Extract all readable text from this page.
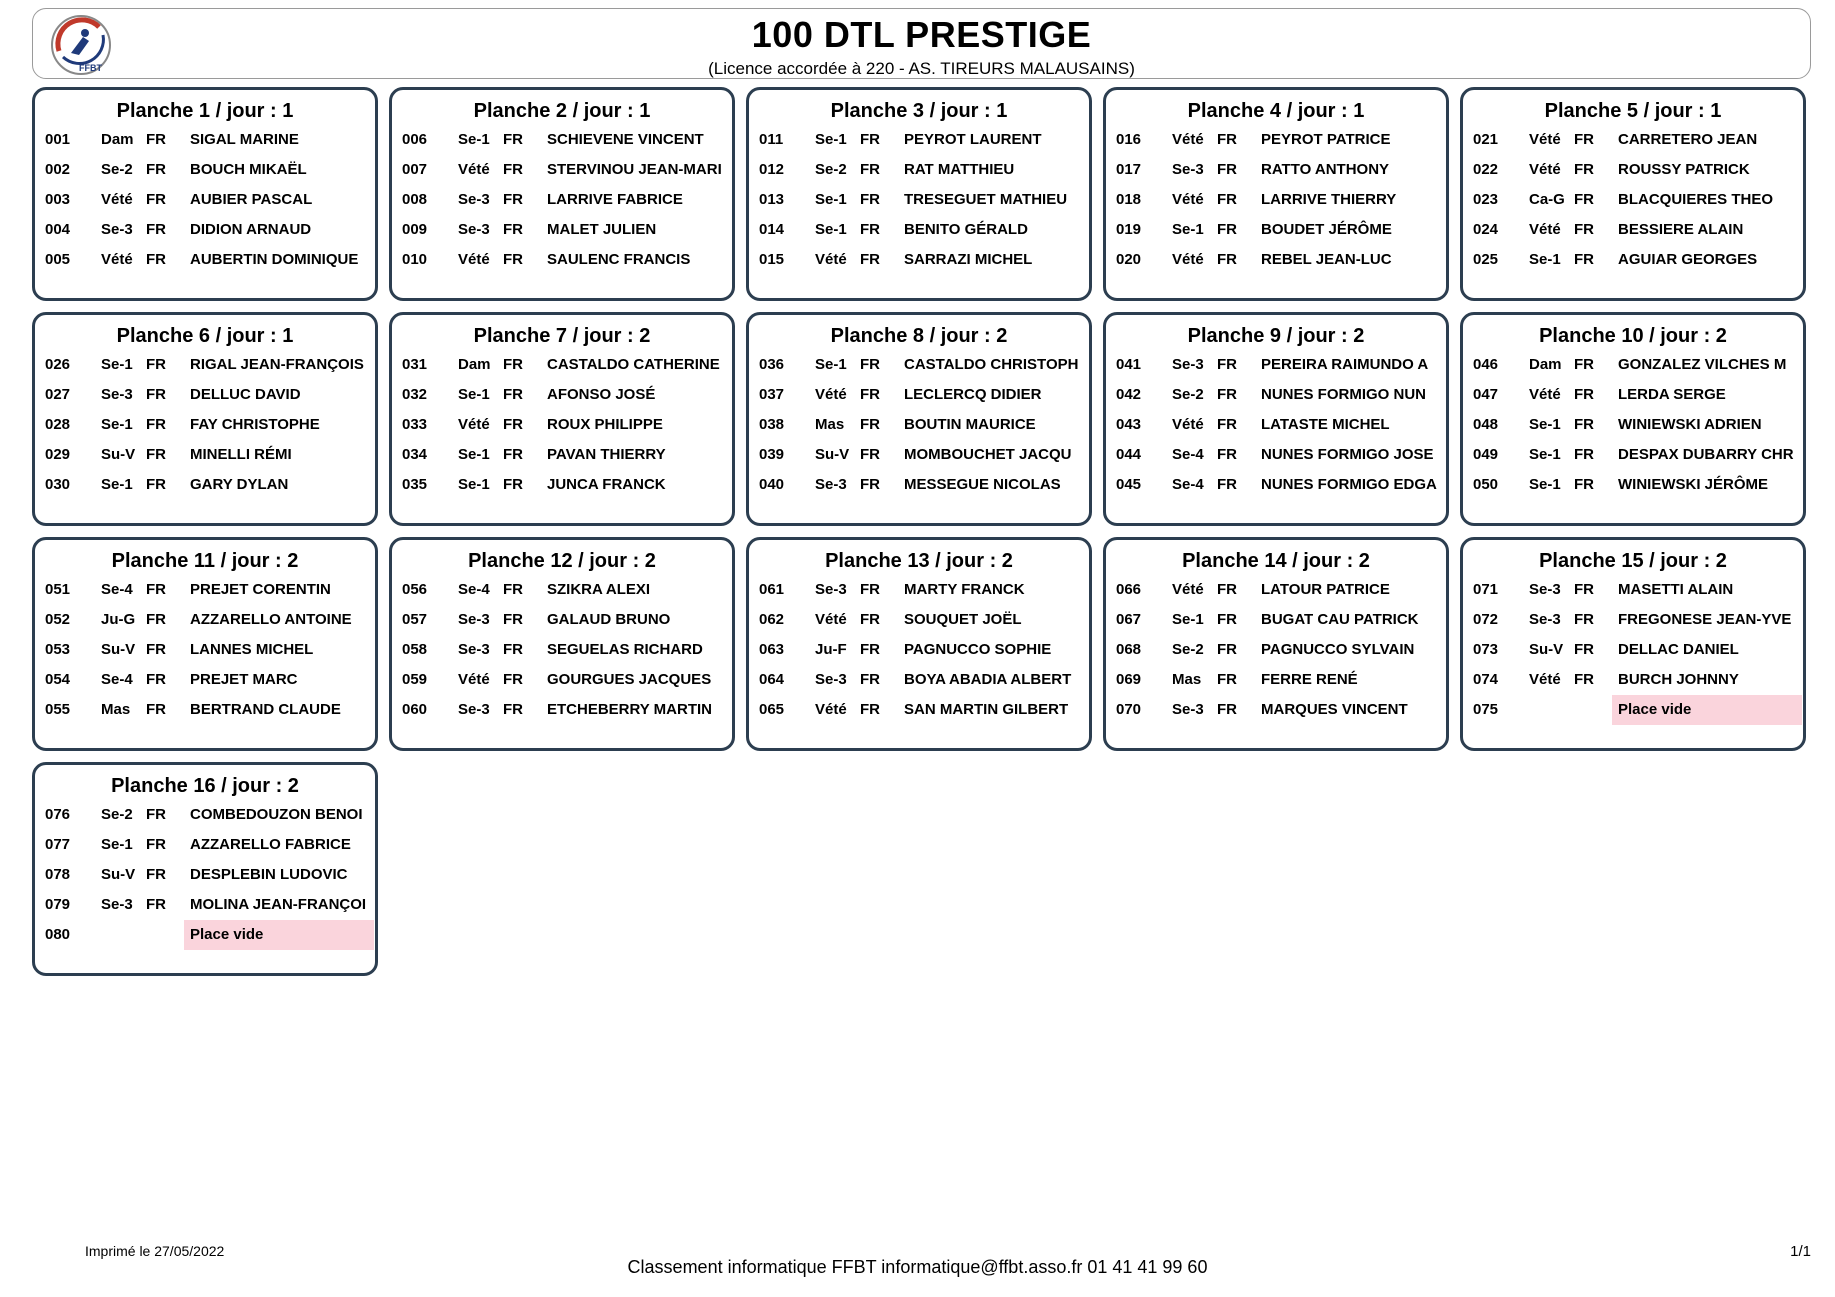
FFBT
100 DTL PRESTIGE
(Licence accordée à 220 - AS. TIREURS MALAUSAINS)
Planche 1 / jour : 1
001 Dam FR SIGAL MARINE
002 Se-2 FR BOUCH MIKAËL
003 Vété FR AUBIER PASCAL
004 Se-3 FR DIDION ARNAUD
005 Vété FR AUBERTIN DOMINIQUE
Planche 2 / jour : 1
006 Se-1 FR SCHIEVENE VINCENT
007 Vété FR STERVINOU JEAN-MARI
008 Se-3 FR LARRIVE FABRICE
009 Se-3 FR MALET JULIEN
010 Vété FR SAULENC FRANCIS
Planche 3 / jour : 1
011 Se-1 FR PEYROT LAURENT
012 Se-2 FR RAT MATTHIEU
013 Se-1 FR TRESEGUET MATHIEU
014 Se-1 FR BENITO GÉRALD
015 Vété FR SARRAZI MICHEL
Planche 4 / jour : 1
016 Vété FR PEYROT PATRICE
017 Se-3 FR RATTO ANTHONY
018 Vété FR LARRIVE THIERRY
019 Se-1 FR BOUDET JÉRÔME
020 Vété FR REBEL JEAN-LUC
Planche 5 / jour : 1
021 Vété FR CARRETERO JEAN
022 Vété FR ROUSSY PATRICK
023 Ca-G FR BLACQUIERES THEO
024 Vété FR BESSIERE ALAIN
025 Se-1 FR AGUIAR GEORGES
Planche 6 / jour : 1
026 Se-1 FR RIGAL JEAN-FRANÇOIS
027 Se-3 FR DELLUC DAVID
028 Se-1 FR FAY CHRISTOPHE
029 Su-V FR MINELLI RÉMI
030 Se-1 FR GARY DYLAN
Planche 7 / jour : 2
031 Dam FR CASTALDO CATHERINE
032 Se-1 FR AFONSO JOSÉ
033 Vété FR ROUX PHILIPPE
034 Se-1 FR PAVAN THIERRY
035 Se-1 FR JUNCA FRANCK
Planche 8 / jour : 2
036 Se-1 FR CASTALDO CHRISTOPH
037 Vété FR LECLERCQ DIDIER
038 Mas FR BOUTIN MAURICE
039 Su-V FR MOMBOUCHET JACQU
040 Se-3 FR MESSEGUE NICOLAS
Planche 9 / jour : 2
041 Se-3 FR PEREIRA RAIMUNDO A
042 Se-2 FR NUNES FORMIGO NUN
043 Vété FR LATASTE MICHEL
044 Se-4 FR NUNES FORMIGO JOSE
045 Se-4 FR NUNES FORMIGO EDGA
Planche 10 / jour : 2
046 Dam FR GONZALEZ VILCHES M
047 Vété FR LERDA SERGE
048 Se-1 FR WINIEWSKI ADRIEN
049 Se-1 FR DESPAX DUBARRY CHR
050 Se-1 FR WINIEWSKI JÉRÔME
Planche 11 / jour : 2
051 Se-4 FR PREJET CORENTIN
052 Ju-G FR AZZARELLO ANTOINE
053 Su-V FR LANNES MICHEL
054 Se-4 FR PREJET MARC
055 Mas FR BERTRAND CLAUDE
Planche 12 / jour : 2
056 Se-4 FR SZIKRA ALEXI
057 Se-3 FR GALAUD BRUNO
058 Se-3 FR SEGUELAS RICHARD
059 Vété FR GOURGUES JACQUES
060 Se-3 FR ETCHEBERRY MARTIN
Planche 13 / jour : 2
061 Se-3 FR MARTY FRANCK
062 Vété FR SOUQUET JOËL
063 Ju-F FR PAGNUCCO SOPHIE
064 Se-3 FR BOYA ABADIA ALBERT
065 Vété FR SAN MARTIN GILBERT
Planche 14 / jour : 2
066 Vété FR LATOUR PATRICE
067 Se-1 FR BUGAT CAU PATRICK
068 Se-2 FR PAGNUCCO SYLVAIN
069 Mas FR FERRE RENÉ
070 Se-3 FR MARQUES VINCENT
Planche 15 / jour : 2
071 Se-3 FR MASETTI ALAIN
072 Se-3 FR FREGONESE JEAN-YVE
073 Su-V FR DELLAC DANIEL
074 Vété FR BURCH JOHNNY
075	Place vide
Planche 16 / jour : 2
076 Se-2 FR COMBEDOUZON BENOI
077 Se-1 FR AZZARELLO FABRICE
078 Su-V FR DESPLEBIN LUDOVIC
079 Se-3 FR MOLINA JEAN-FRANÇOI
080	Place vide
Imprimé le 27/05/2022
Classement informatique FFBT informatique@ffbt.asso.fr 01 41 41 99 60
1/1
